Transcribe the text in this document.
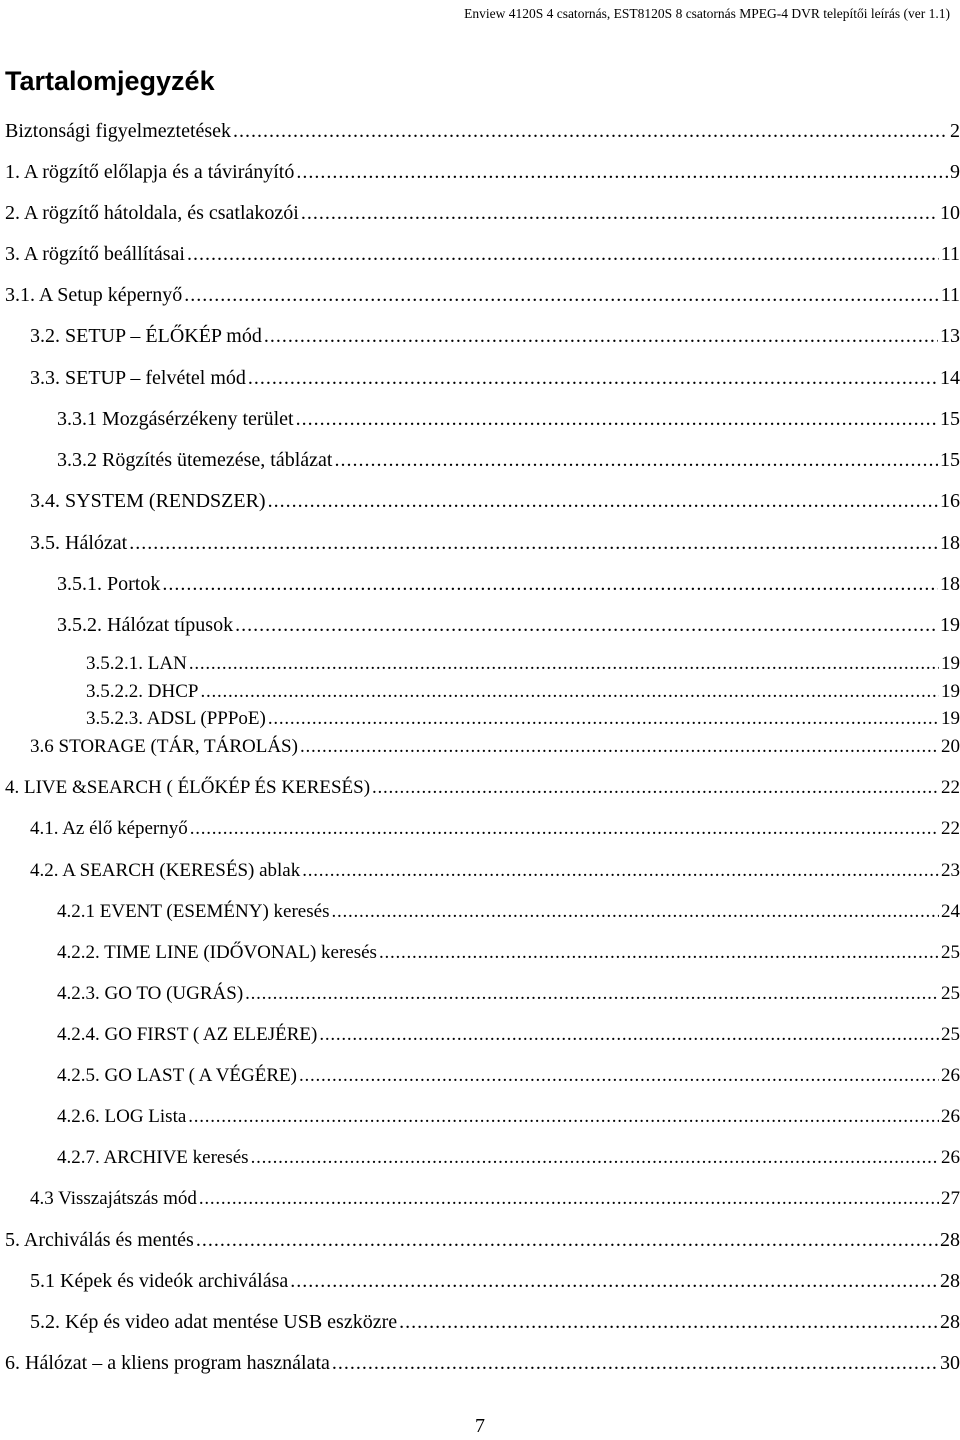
Enview 4120S 4 csatornás, EST8120S 8 csatornás MPEG-4 DVR telepítői leírás (ver 1.1)
Tartalomjegyzék
Biztonsági figyelmeztetések . . .	2
1. A rögzítő előlapja és a távirányító . . .	9
2. A rögzítő hátoldala, és csatlakozói . . .	10
3. A rögzítő beállításai . . .	11
3.1. A Setup képernyő . . .	11
3.2. SETUP – ÉLŐKÉP mód . . .	13
3.3. SETUP – felvétel mód . . .	14
3.3.1 Mozgásérzékeny terület . . .	15
3.3.2 Rögzítés ütemezése, táblázat . . .	15
3.4. SYSTEM (RENDSZER) . . .	16
3.5. Hálózat . . .	18
3.5.1. Portok . . .	18
3.5.2. Hálózat típusok . . .	19
3.5.2.1. LAN . . .	19
3.5.2.2. DHCP . . .	19
3.5.2.3. ADSL (PPPoE) . . .	19
3.6 STORAGE (TÁR, TÁROLÁS) . . .	20
4. LIVE &SEARCH ( ÉLŐKÉP ÉS KERESÉS) . . .	22
4.1. Az élő képernyő . . .	22
4.2. A SEARCH (KERESÉS) ablak . . .	23
4.2.1 EVENT (ESEMÉNY) keresés . . .	24
4.2.2. TIME LINE (IDŐVONAL) keresés . . .	25
4.2.3. GO TO (UGRÁS) . . .	25
4.2.4. GO FIRST ( AZ ELEJÉRE) . . .	25
4.2.5. GO LAST ( A VÉGÉRE) . . .	26
4.2.6. LOG Lista . . .	26
4.2.7. ARCHIVE keresés . . .	26
4.3 Visszajátszás mód . . .	27
5. Archiválás és mentés . . .	28
5.1 Képek és videók archiválása . . .	28
5.2. Kép és video adat mentése USB eszközre . . .	28
6. Hálózat – a kliens program használata . . .	30
7
